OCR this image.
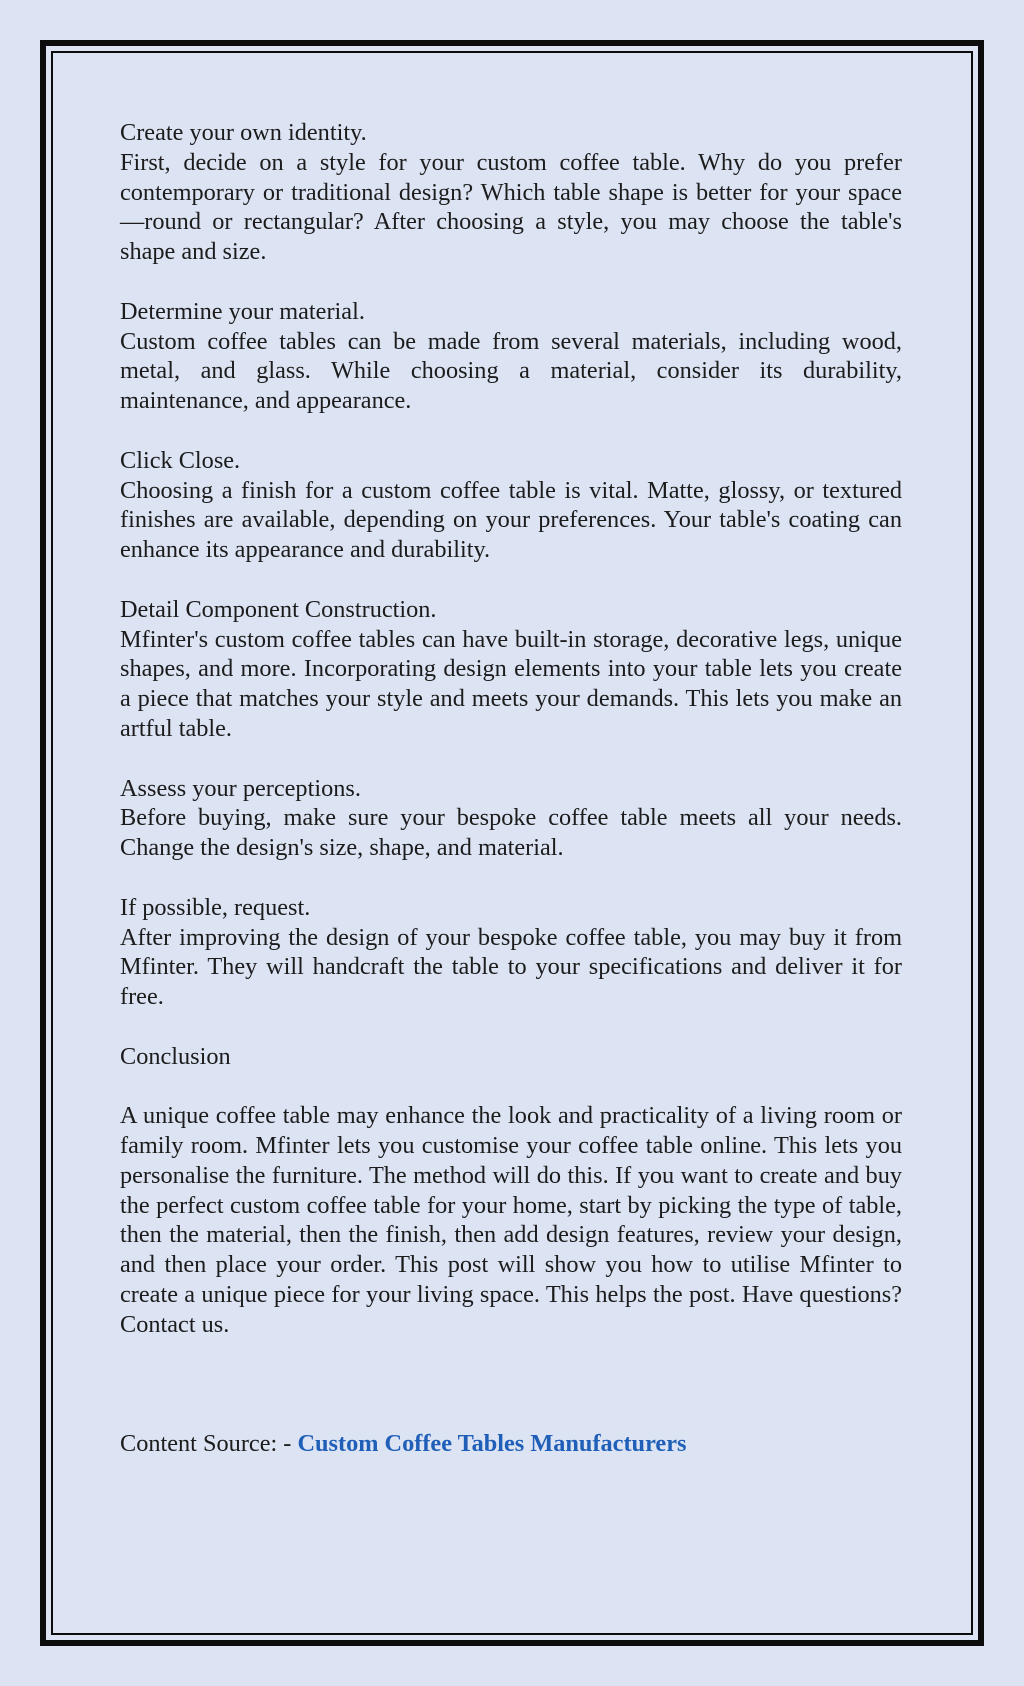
Create your own identity.

First, decide on a style for your custom coffee table. Why do you prefer contemporary or traditional design? Which table shape is better for your space—round or rectangular? After choosing a style, you may choose the table's shape and size.

Determine your material.

Custom coffee tables can be made from several materials, including wood, metal, and glass. While choosing a material, consider its durability, maintenance, and appearance.

Click Close.

Choosing a finish for a custom coffee table is vital. Matte, glossy, or textured finishes are available, depending on your preferences. Your table's coating can enhance its appearance and durability.

Detail Component Construction.

Mfinter's custom coffee tables can have built-in storage, decorative legs, unique shapes, and more. Incorporating design elements into your table lets you create a piece that matches your style and meets your demands. This lets you make an artful table.

Assess your perceptions.

Before buying, make sure your bespoke coffee table meets all your needs. Change the design's size, shape, and material.

If possible, request.

After improving the design of your bespoke coffee table, you may buy it from Mfinter. They will handcraft the table to your specifications and deliver it for free.

Conclusion

A unique coffee table may enhance the look and practicality of a living room or family room. Mfinter lets you customise your coffee table online. This lets you personalise the furniture. The method will do this. If you want to create and buy the perfect custom coffee table for your home, start by picking the type of table, then the material, then the finish, then add design features, review your design, and then place your order. This post will show you how to utilise Mfinter to create a unique piece for your living space. This helps the post. Have questions? Contact us.

Content Source: - Custom Coffee Tables Manufacturers
